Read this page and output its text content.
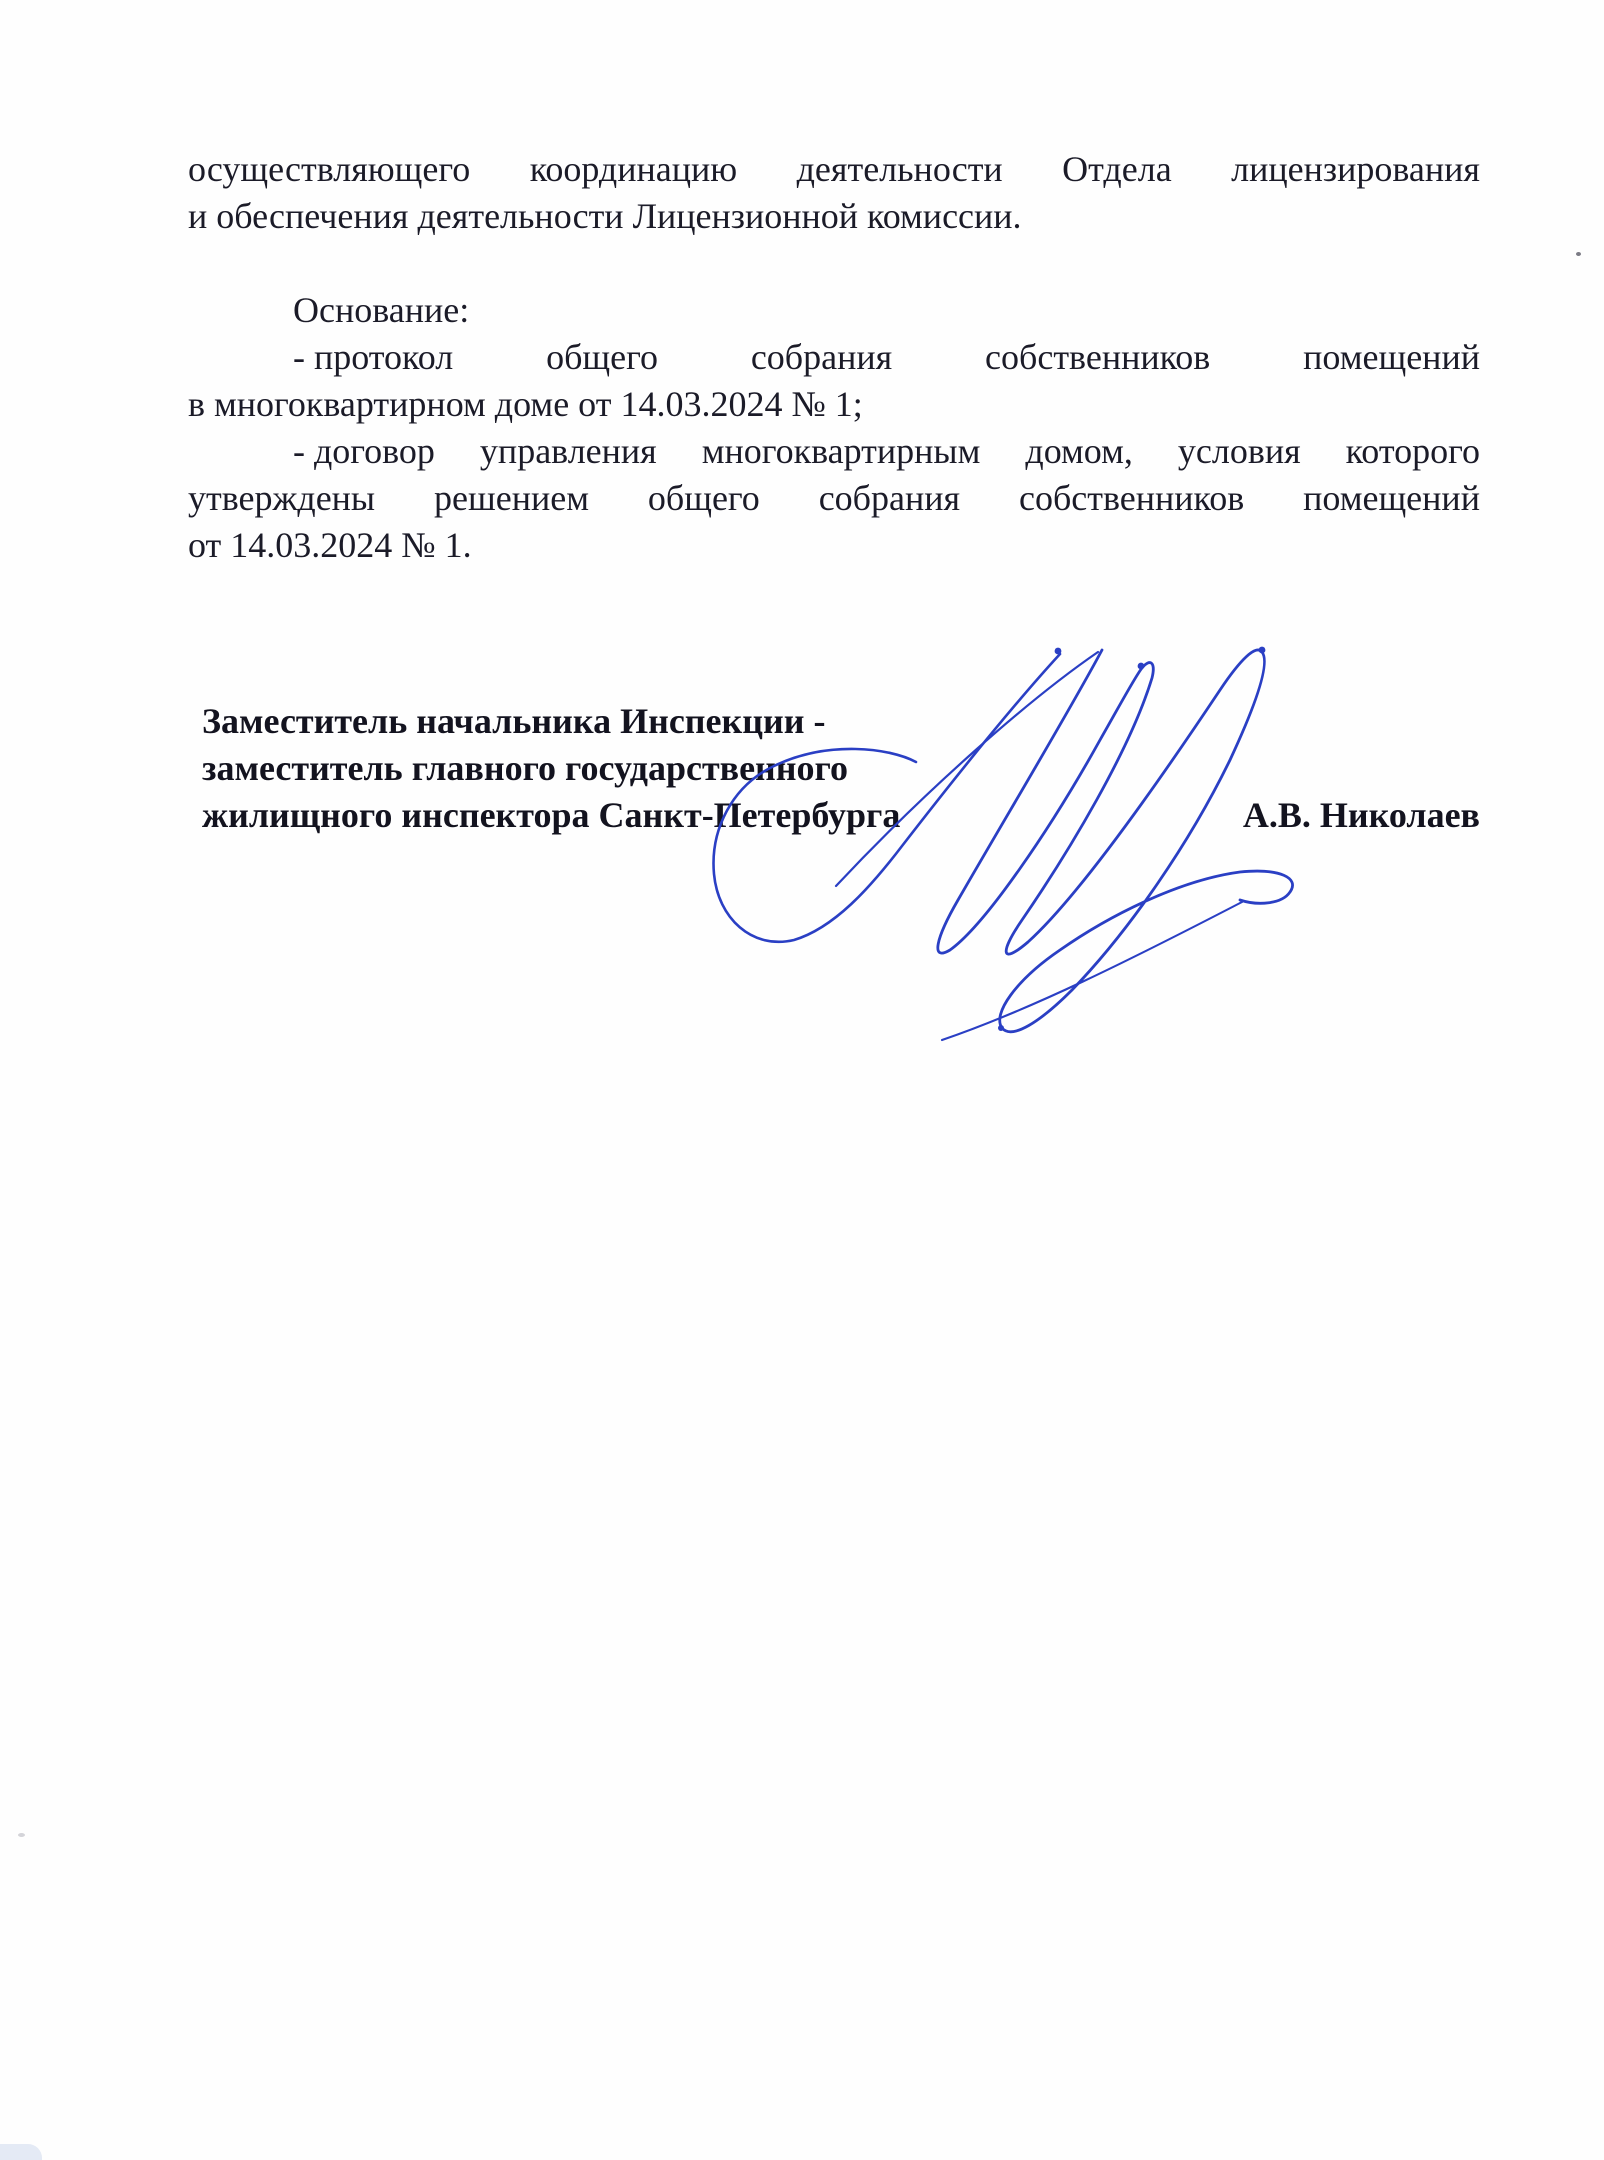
осуществляющего координацию деятельности Отдела лицензирования
и обеспечения деятельности Лицензионной комиссии.
Основание:
- протокол	общего	собрания	собственников	помещений
в многоквартирном доме от 14.03.2024 № 1;
- договор управления многоквартирным домом, условия которого
утверждены решением общего собрания собственников помещений
от 14.03.2024 № 1.
Заместитель начальника Инспекции -
заместитель главного государственного
жилищного инспектора Санкт-Петербурга	А.В. Николаев
